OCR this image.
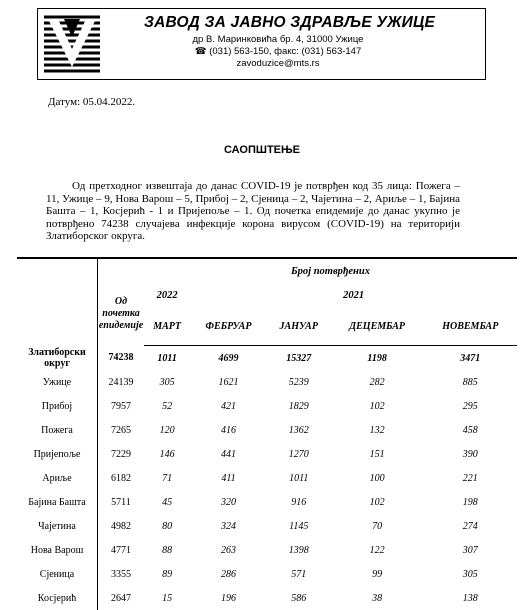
ЗАВОД ЗА ЈАВНО ЗДРАВЉЕ УЖИЦЕ
др В. Маринковића бр. 4, 31000 Ужице
☎ (031) 563-150, факс: (031) 563-147
zavoduzice@mts.rs
Датум: 05.04.2022.
САОПШТЕЊЕ
Од претходног извештаја до данас COVID-19 је потврђен код 35 лица: Пожега – 11, Ужице – 9, Нова Варош – 5, Прибој – 2, Сјеница – 2, Чајетина – 2, Ариље – 1, Бајина Башта – 1, Косјерић - 1 и Пријепоље – 1. Од почетка епидемије до данас укупно је потврђено 74238 случајева инфекције корона вирусом (COVID-19) на територији Златиборског округа.
		Број потврђених				
	Од почетка епидемије	2022	2021			
		МАРТ	ФЕБРУАР	ЈАНУАР	ДЕЦЕМБАР	НОВЕМБАР
Златиборски округ	74238	1011	4699	15327	1198	3471
Ужице	24139	305	1621	5239	282	885
Прибој	7957	52	421	1829	102	295
Пожега	7265	120	416	1362	132	458
Пријепоље	7229	146	441	1270	151	390
Ариље	6182	71	411	1011	100	221
Бајина Башта	5711	45	320	916	102	198
Чајетина	4982	80	324	1145	70	274
Нова Варош	4771	88	263	1398	122	307
Сјеница	3355	89	286	571	99	305
Косјерић	2647	15	196	586	38	138
